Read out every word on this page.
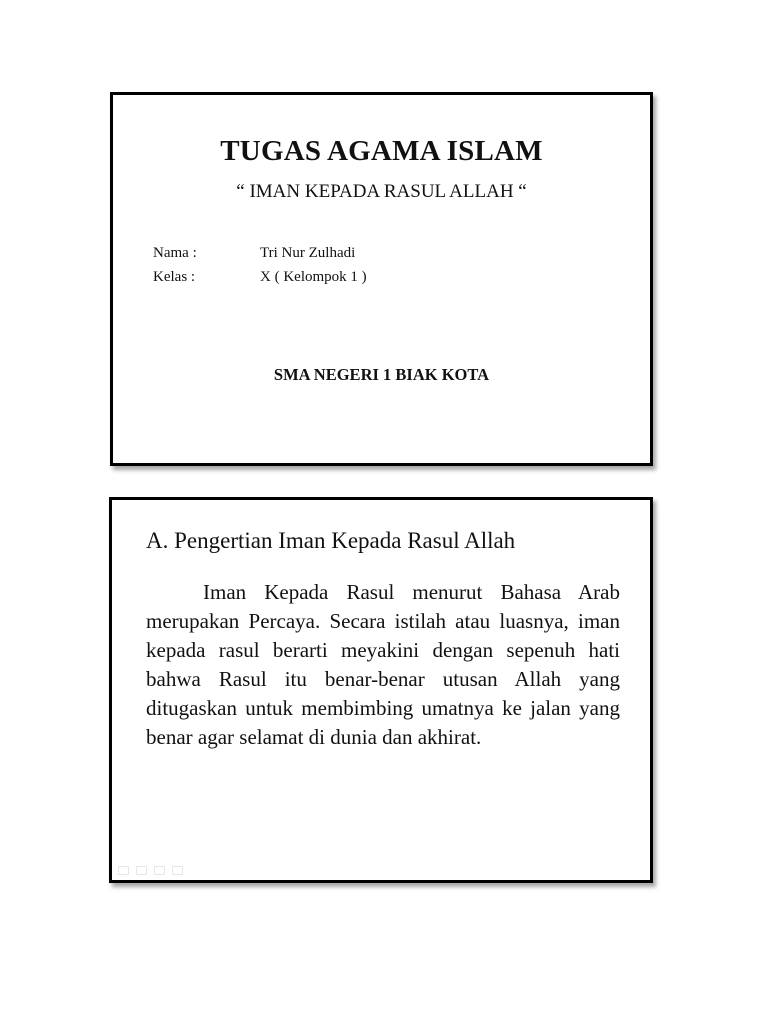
TUGAS AGAMA ISLAM
“ IMAN KEPADA RASUL ALLAH “
Nama :	Tri Nur Zulhadi
Kelas :	X ( Kelompok 1 )
SMA NEGERI 1 BIAK KOTA
A. Pengertian Iman Kepada Rasul Allah

Iman Kepada Rasul menurut Bahasa Arab merupakan Percaya. Secara istilah atau luasnya, iman kepada rasul berarti meyakini dengan sepenuh hati bahwa Rasul itu benar-benar utusan Allah yang ditugaskan untuk membimbing umatnya ke jalan yang benar agar selamat di dunia dan akhirat.
